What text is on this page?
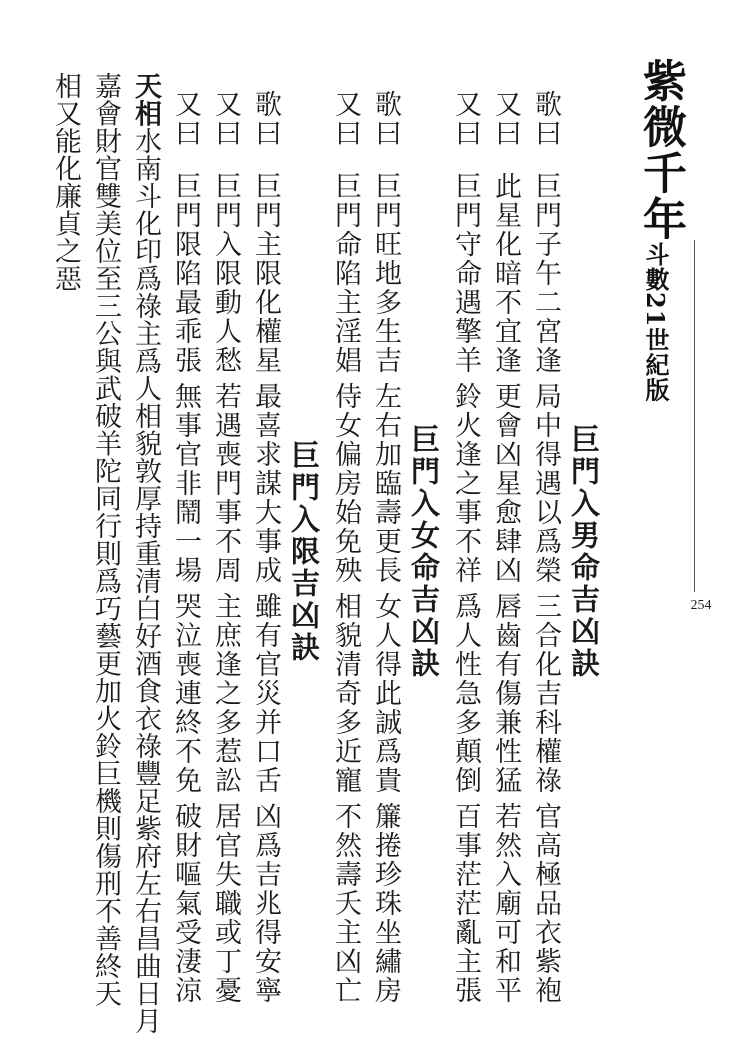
紫微千年
斗數21世紀版
254
巨門入男命吉凶訣
歌曰
巨門子午二宮逢
局中得遇以爲榮
三合化吉科權祿
官高極品衣紫袍
又曰
此星化暗不宜逢
更會凶星愈肆凶
唇齒有傷兼性猛
若然入廟可和平
又曰
巨門守命遇擎羊
鈴火逢之事不祥
爲人性急多顛倒
百事茫茫亂主張
巨門入女命吉凶訣
歌曰
巨門旺地多生吉
左右加臨壽更長
女人得此誠爲貴
簾捲珍珠坐繡房
又曰
巨門命陷主淫娼
侍女偏房始免殃
相貌清奇多近寵
不然壽夭主凶亡
巨門入限吉凶訣
歌曰
巨門主限化權星
最喜求謀大事成
雖有官災并口舌
凶爲吉兆得安寧
又曰
巨門入限動人愁
若遇喪門事不周
主庶逢之多惹訟
居官失職或丁憂
又曰
巨門限陷最乖張
無事官非鬧一場
哭泣喪連終不免
破財嘔氣受淒涼
天相水南斗化印爲祿主爲人相貌敦厚持重清白好酒食衣祿豐足紫府左右昌曲日月
嘉會財官雙美位至三公與武破羊陀同行則爲巧藝更加火鈴巨機則傷刑不善終天
相又能化廉貞之惡
